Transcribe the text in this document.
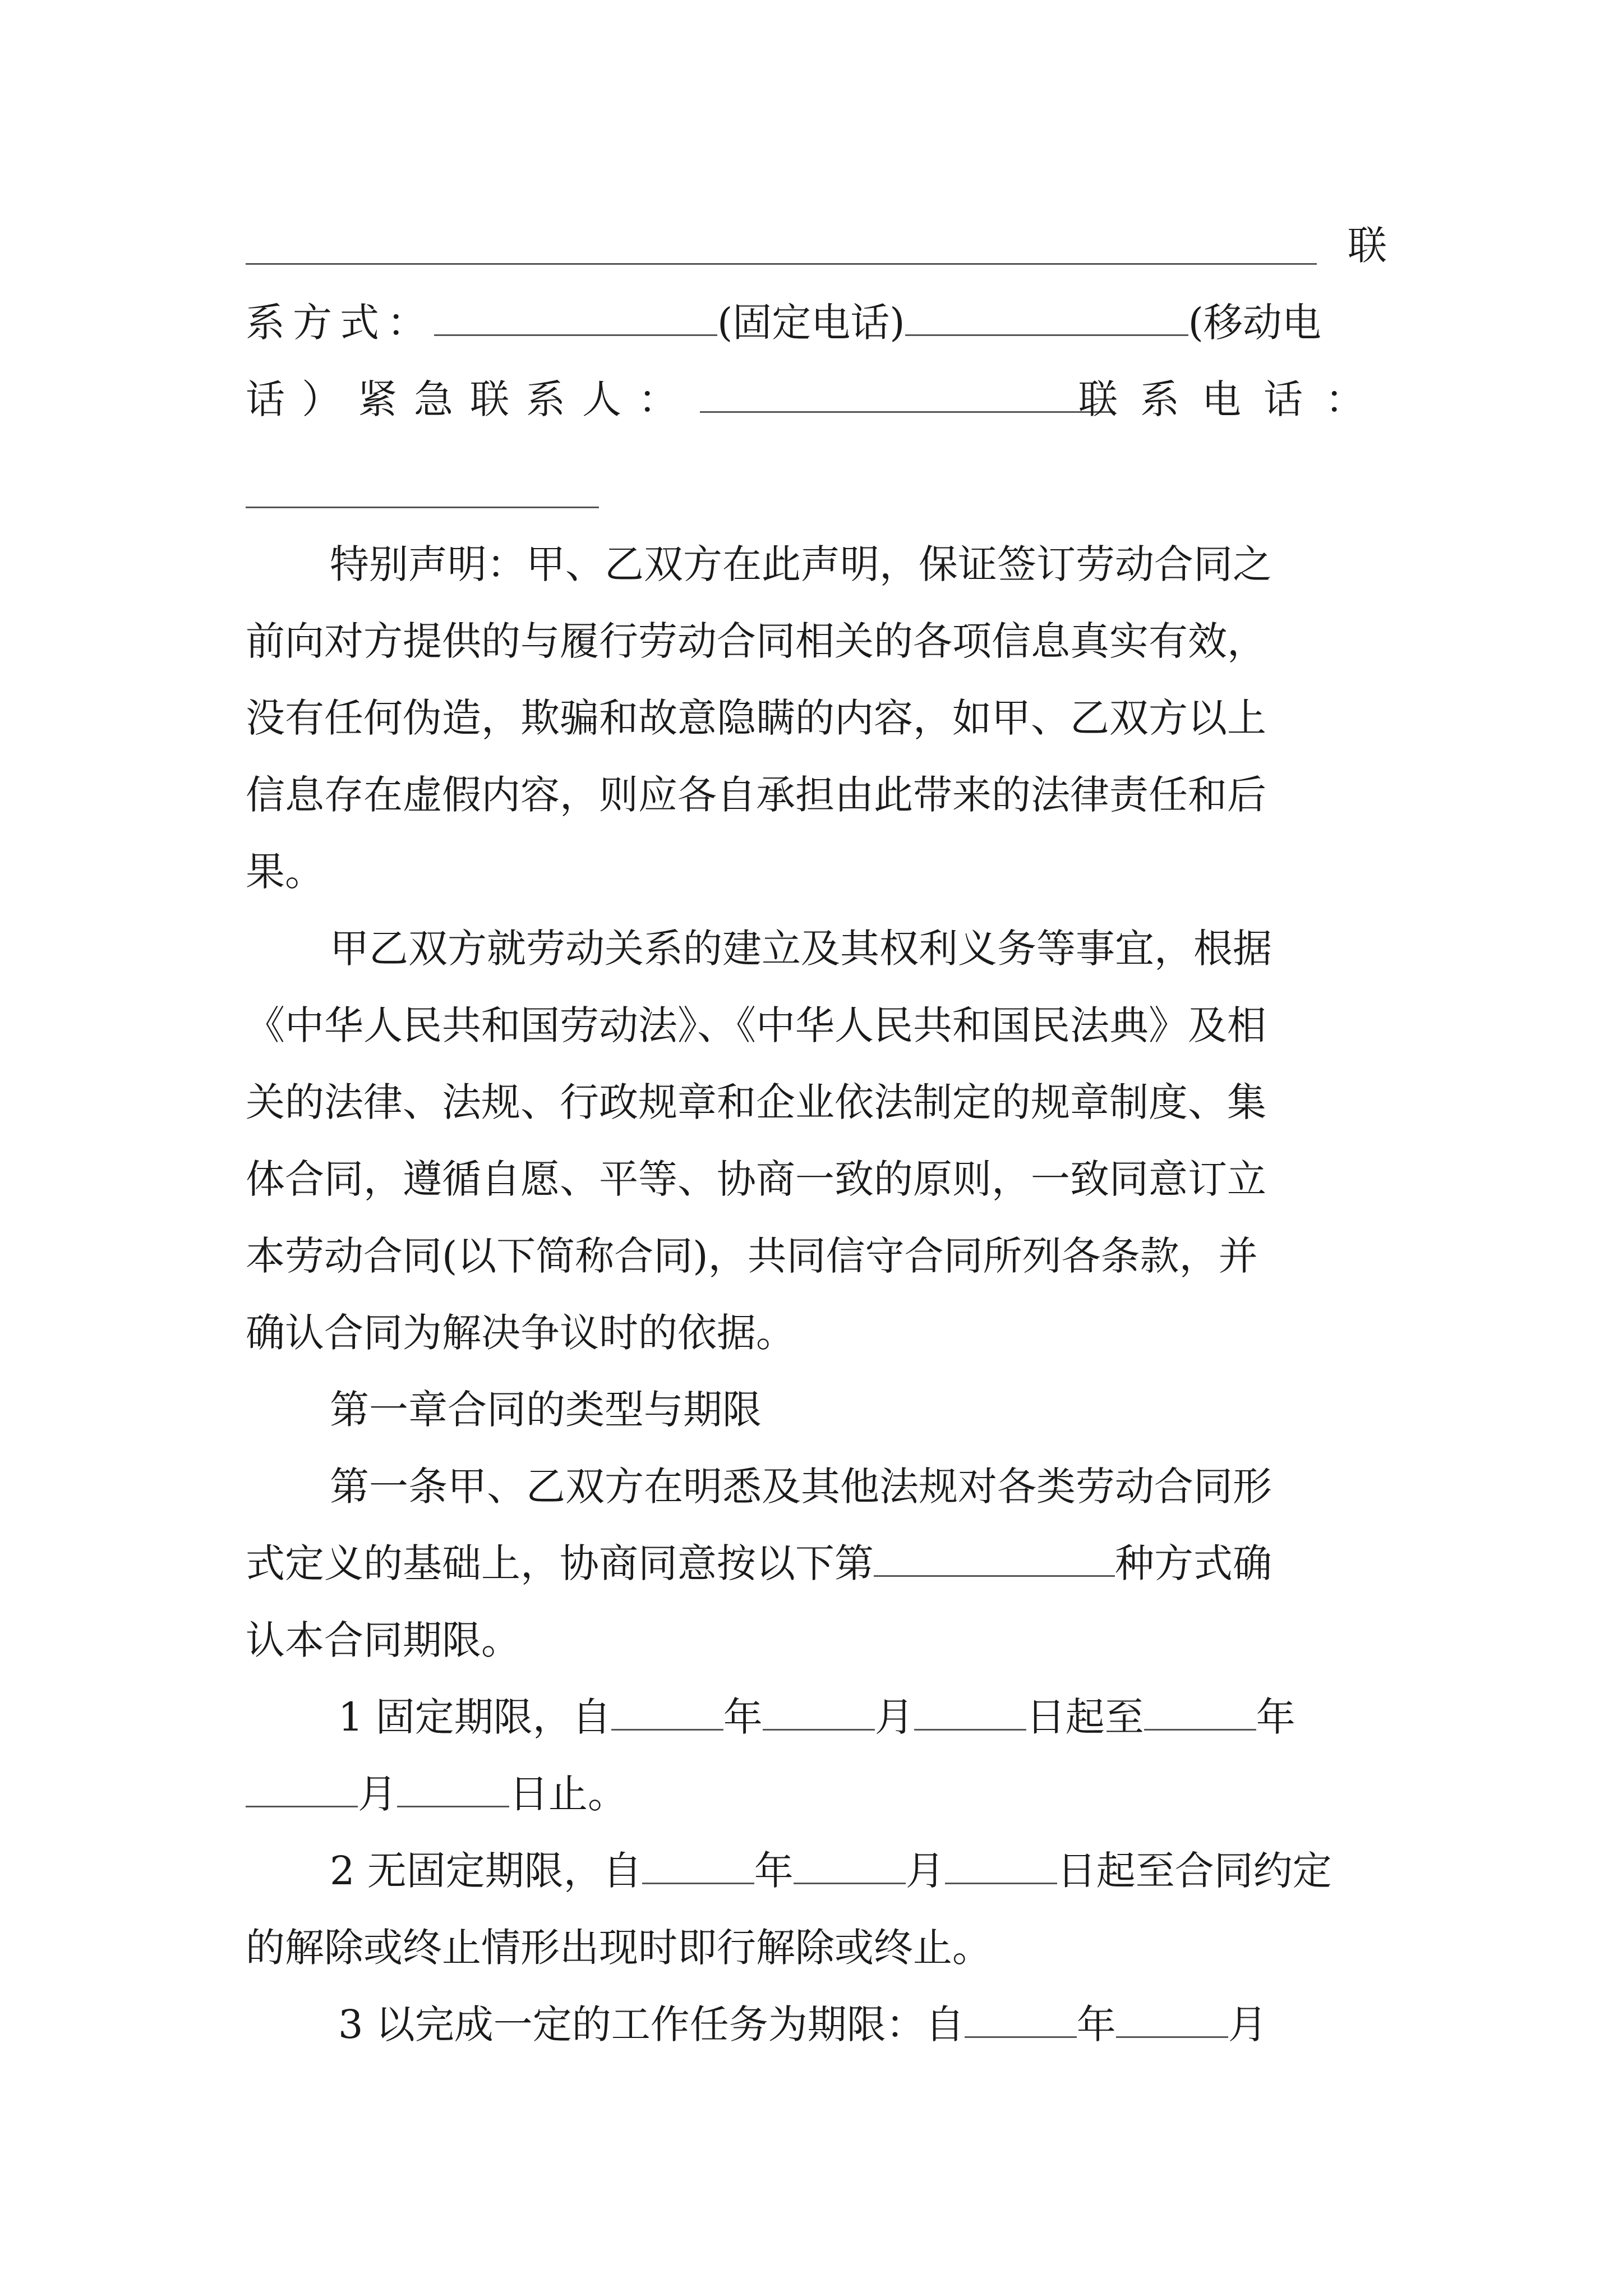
联
系方式：	(固定电话)	(移动电
话）紧急联系人：	联系电话：
特别声明：甲、乙双方在此声明，保证签订劳动合同之
前向对方提供的与履行劳动合同相关的各项信息真实有效，
没有任何伪造，欺骗和故意隐瞒的内容，如甲、乙双方以上
信息存在虚假内容，则应各自承担由此带来的法律责任和后
果。
甲乙双方就劳动关系的建立及其权利义务等事宜，根据
《中华人民共和国劳动法》、《中华人民共和国民法典》及相
关的法律、法规、行政规章和企业依法制定的规章制度、集
体合同，遵循自愿、平等、协商一致的原则，一致同意订立
本劳动合同(以下简称合同)，共同信守合同所列各条款，并
确认合同为解决争议时的依据。
第一章合同的类型与期限
第一条甲、乙双方在明悉及其他法规对各类劳动合同形
式定义的基础上，协商同意按以下第	种方式确
认本合同期限。
1 固定期限，自	年	月	日起至	年
月	日止。
2 无固定期限，自	年	月	日起至合同约定
的解除或终止情形出现时即行解除或终止。
3 以完成一定的工作任务为期限：自	年	月
